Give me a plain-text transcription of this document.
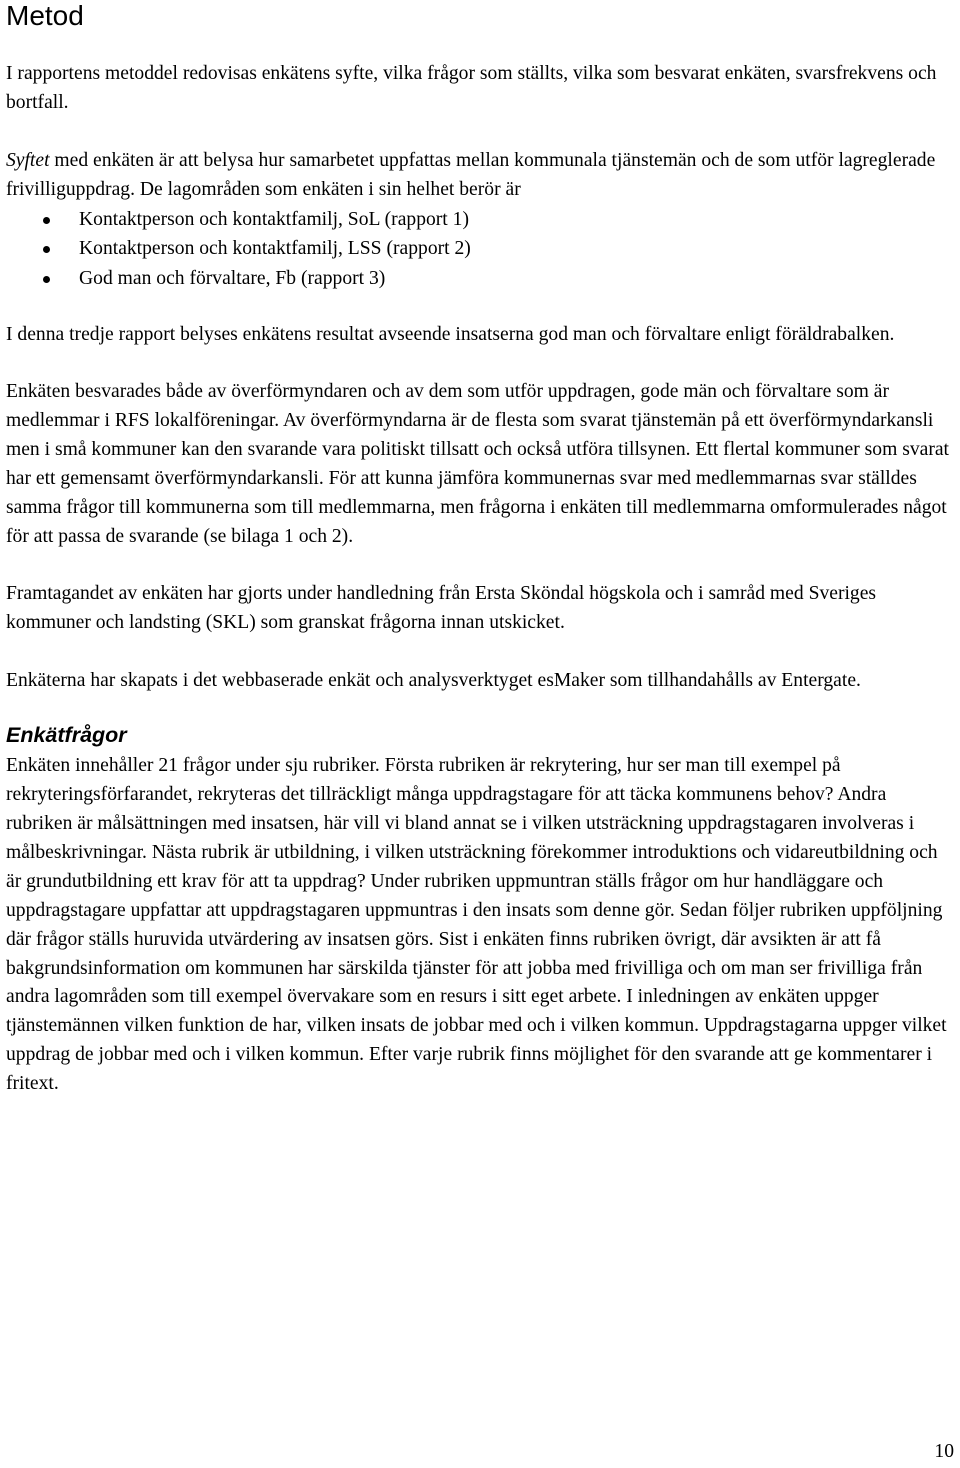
Metod

I rapportens metoddel redovisas enkätens syfte, vilka frågor som ställts, vilka som besvarat enkäten, svarsfrekvens och bortfall.

Syftet med enkäten är att belysa hur samarbetet uppfattas mellan kommunala tjänstemän och de som utför lagreglerade frivilliguppdrag. De lagområden som enkäten i sin helhet berör är

Kontaktperson och kontaktfamilj, SoL (rapport 1)
Kontaktperson och kontaktfamilj, LSS (rapport 2)
God man och förvaltare, Fb (rapport 3)

I denna tredje rapport belyses enkätens resultat avseende insatserna god man och förvaltare enligt föräldrabalken.

Enkäten besvarades både av överförmyndaren och av dem som utför uppdragen, gode män och förvaltare som är medlemmar i RFS lokalföreningar. Av överförmyndarna är de flesta som svarat tjänstemän på ett överförmyndarkansli men i små kommuner kan den svarande vara politiskt tillsatt och också utföra tillsynen. Ett flertal kommuner som svarat har ett gemensamt överförmyndarkansli. För att kunna jämföra kommunernas svar med medlemmarnas svar ställdes samma frågor till kommunerna som till medlemmarna, men frågorna i enkäten till medlemmarna omformulerades något för att passa de svarande (se bilaga 1 och 2).

Framtagandet av enkäten har gjorts under handledning från Ersta Sköndal högskola och i samråd med Sveriges kommuner och landsting (SKL) som granskat frågorna innan utskicket.

Enkäterna har skapats i det webbaserade enkät och analysverktyget esMaker som tillhandahålls av Entergate.

Enkätfrågor

Enkäten innehåller 21 frågor under sju rubriker. Första rubriken är rekrytering, hur ser man till exempel på rekryteringsförfarandet, rekryteras det tillräckligt många uppdragstagare för att täcka kommunens behov? Andra rubriken är målsättningen med insatsen, här vill vi bland annat se i vilken utsträckning uppdragstagaren involveras i målbeskrivningar. Nästa rubrik är utbildning, i vilken utsträckning förekommer introduktions och vidareutbildning och är grundutbildning ett krav för att ta uppdrag? Under rubriken uppmuntran ställs frågor om hur handläggare och uppdragstagare uppfattar att uppdragstagaren uppmuntras i den insats som denne gör. Sedan följer rubriken uppföljning där frågor ställs huruvida utvärdering av insatsen görs. Sist i enkäten finns rubriken övrigt, där avsikten är att få bakgrundsinformation om kommunen har särskilda tjänster för att jobba med frivilliga och om man ser frivilliga från andra lagområden som till exempel övervakare som en resurs i sitt eget arbete. I inledningen av enkäten uppger tjänstemännen vilken funktion de har, vilken insats de jobbar med och i vilken kommun. Uppdragstagarna uppger vilket uppdrag de jobbar med och i vilken kommun. Efter varje rubrik finns möjlighet för den svarande att ge kommentarer i fritext.

10
